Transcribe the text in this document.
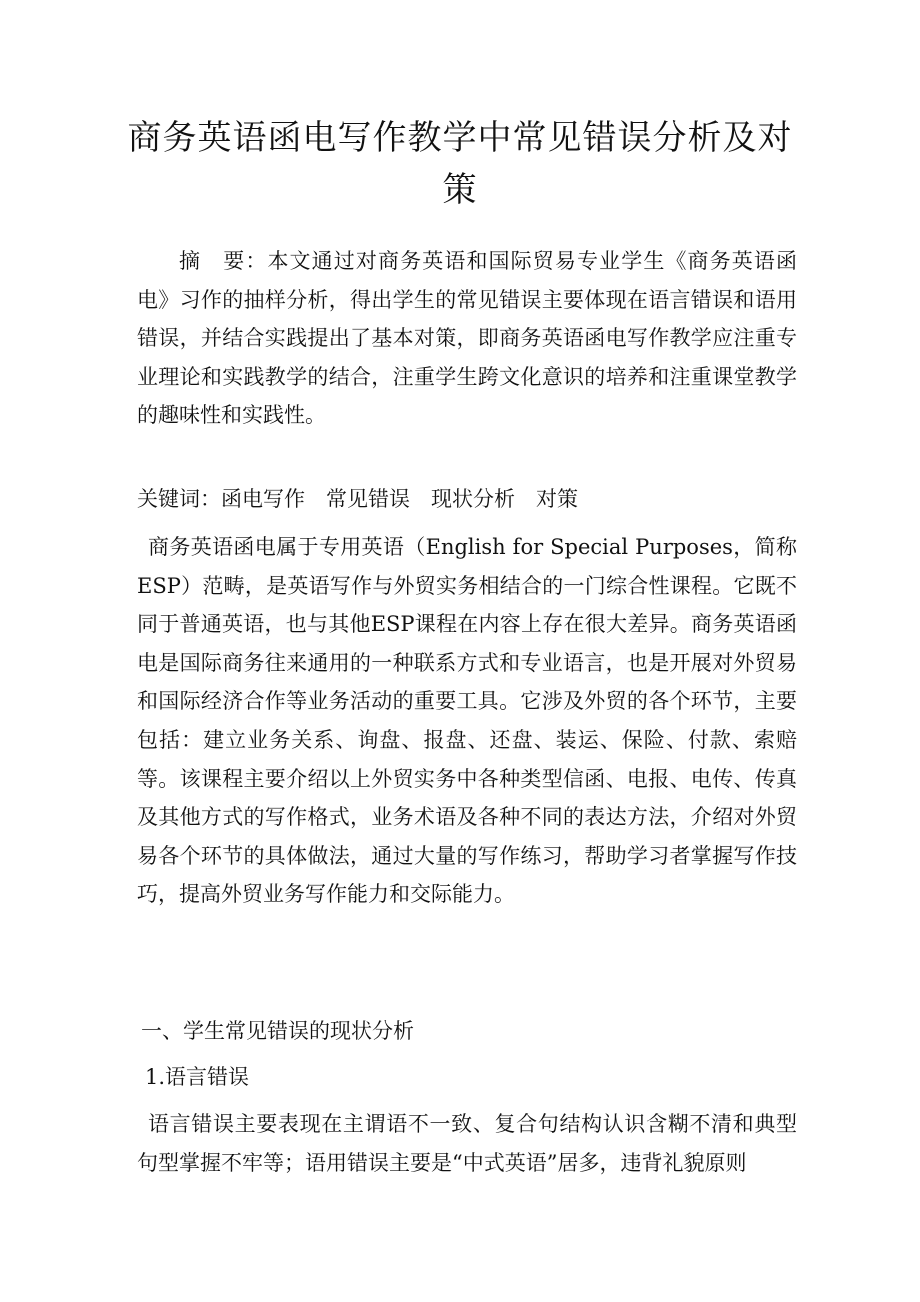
商务英语函电写作教学中常见错误分析及对策

摘　要：本文通过对商务英语和国际贸易专业学生《商务英语函电》习作的抽样分析，得出学生的常见错误主要体现在语言错误和语用错误，并结合实践提出了基本对策，即商务英语函电写作教学应注重专业理论和实践教学的结合，注重学生跨文化意识的培养和注重课堂教学的趣味性和实践性。

关键词：函电写作　常见错误　现状分析　对策

商务英语函电属于专用英语（English for Special Purposes，简称ESP）范畴，是英语写作与外贸实务相结合的一门综合性课程。它既不同于普通英语，也与其他ESP课程在内容上存在很大差异。商务英语函电是国际商务往来通用的一种联系方式和专业语言，也是开展对外贸易和国际经济合作等业务活动的重要工具。它涉及外贸的各个环节，主要包括：建立业务关系、询盘、报盘、还盘、装运、保险、付款、索赔等。该课程主要介绍以上外贸实务中各种类型信函、电报、电传、传真及其他方式的写作格式，业务术语及各种不同的表达方法，介绍对外贸易各个环节的具体做法，通过大量的写作练习，帮助学习者掌握写作技巧，提高外贸业务写作能力和交际能力。

一、学生常见错误的现状分析

1.语言错误

语言错误主要表现在主谓语不一致、复合句结构认识含糊不清和典型句型掌握不牢等；语用错误主要是“中式英语”居多，违背礼貌原则
